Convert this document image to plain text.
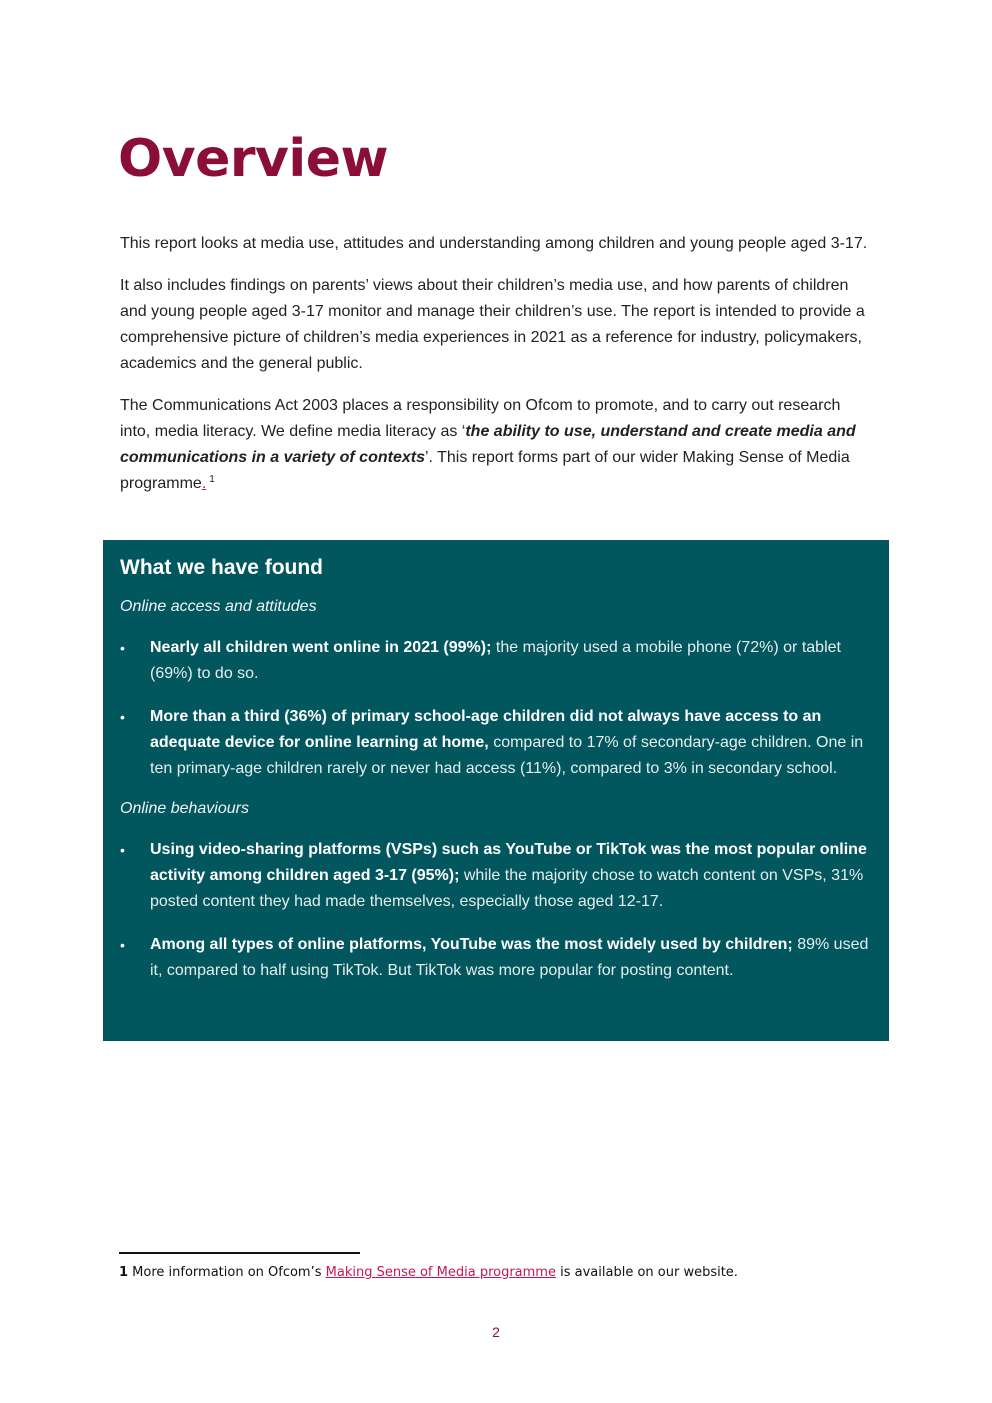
Overview

This report looks at media use, attitudes and understanding among children and young people aged 3-17.

It also includes findings on parents’ views about their children’s media use, and how parents of children and young people aged 3-17 monitor and manage their children’s use. The report is intended to provide a comprehensive picture of children’s media experiences in 2021 as a reference for industry, policymakers, academics and the general public.

The Communications Act 2003 places a responsibility on Ofcom to promote, and to carry out research into, media literacy. We define media literacy as ‘the ability to use, understand and create media and communications in a variety of contexts’. This report forms part of our wider Making Sense of Media programme. $^1$

What we have found

Online access and attitudes

• Nearly all children went online in 2021 (99%); the majority used a mobile phone (72%) or tablet (69%) to do so.
• More than a third (36%) of primary school-age children did not always have access to an adequate device for online learning at home, compared to 17% of secondary-age children. One in ten primary-age children rarely or never had access (11%), compared to 3% in secondary school.

Online behaviours

• Using video-sharing platforms (VSPs) such as YouTube or TikTok was the most popular online activity among children aged 3-17 (95%); while the majority chose to watch content on VSPs, 31% posted content they had made themselves, especially those aged 12-17.
• Among all types of online platforms, YouTube was the most widely used by children; 89% used it, compared to half using TikTok. But TikTok was more popular for posting content.
1 More information on Ofcom’s Making Sense of Media programme is available on our website.
2
